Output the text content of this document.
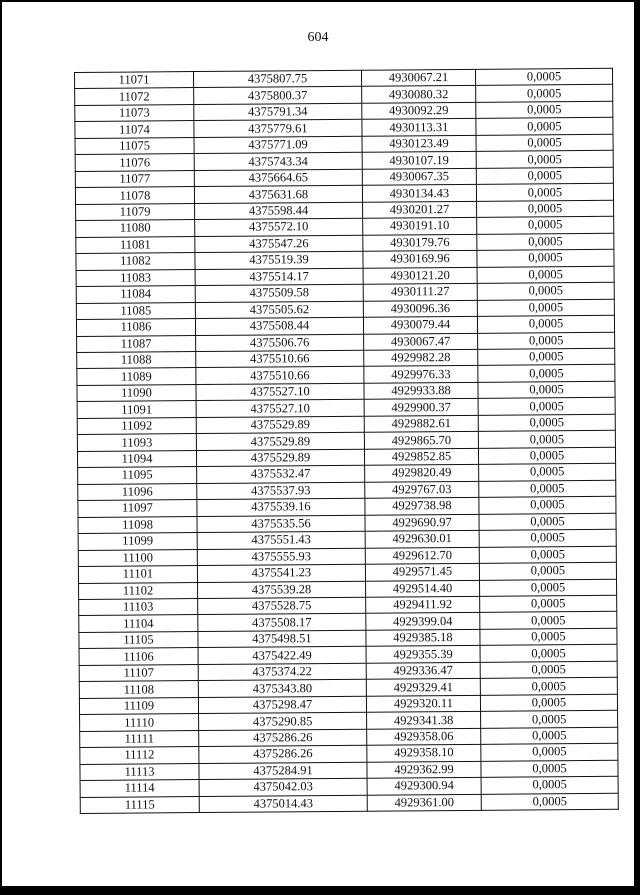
604
11071	4375807.75	4930067.21	0,0005
11072	4375800.37	4930080.32	0,0005
11073	4375791.34	4930092.29	0,0005
11074	4375779.61	4930113.31	0,0005
11075	4375771.09	4930123.49	0,0005
11076	4375743.34	4930107.19	0,0005
11077	4375664.65	4930067.35	0,0005
11078	4375631.68	4930134.43	0,0005
11079	4375598.44	4930201.27	0,0005
11080	4375572.10	4930191.10	0,0005
11081	4375547.26	4930179.76	0,0005
11082	4375519.39	4930169.96	0,0005
11083	4375514.17	4930121.20	0,0005
11084	4375509.58	4930111.27	0,0005
11085	4375505.62	4930096.36	0,0005
11086	4375508.44	4930079.44	0,0005
11087	4375506.76	4930067.47	0,0005
11088	4375510.66	4929982.28	0,0005
11089	4375510.66	4929976.33	0,0005
11090	4375527.10	4929933.88	0,0005
11091	4375527.10	4929900.37	0,0005
11092	4375529.89	4929882.61	0,0005
11093	4375529.89	4929865.70	0,0005
11094	4375529.89	4929852.85	0,0005
11095	4375532.47	4929820.49	0,0005
11096	4375537.93	4929767.03	0,0005
11097	4375539.16	4929738.98	0,0005
11098	4375535.56	4929690.97	0,0005
11099	4375551.43	4929630.01	0,0005
11100	4375555.93	4929612.70	0,0005
11101	4375541.23	4929571.45	0,0005
11102	4375539.28	4929514.40	0,0005
11103	4375528.75	4929411.92	0,0005
11104	4375508.17	4929399.04	0,0005
11105	4375498.51	4929385.18	0,0005
11106	4375422.49	4929355.39	0,0005
11107	4375374.22	4929336.47	0,0005
11108	4375343.80	4929329.41	0,0005
11109	4375298.47	4929320.11	0,0005
11110	4375290.85	4929341.38	0,0005
11111	4375286.26	4929358.06	0,0005
11112	4375286.26	4929358.10	0,0005
11113	4375284.91	4929362.99	0,0005
11114	4375042.03	4929300.94	0,0005
11115	4375014.43	4929361.00	0,0005
